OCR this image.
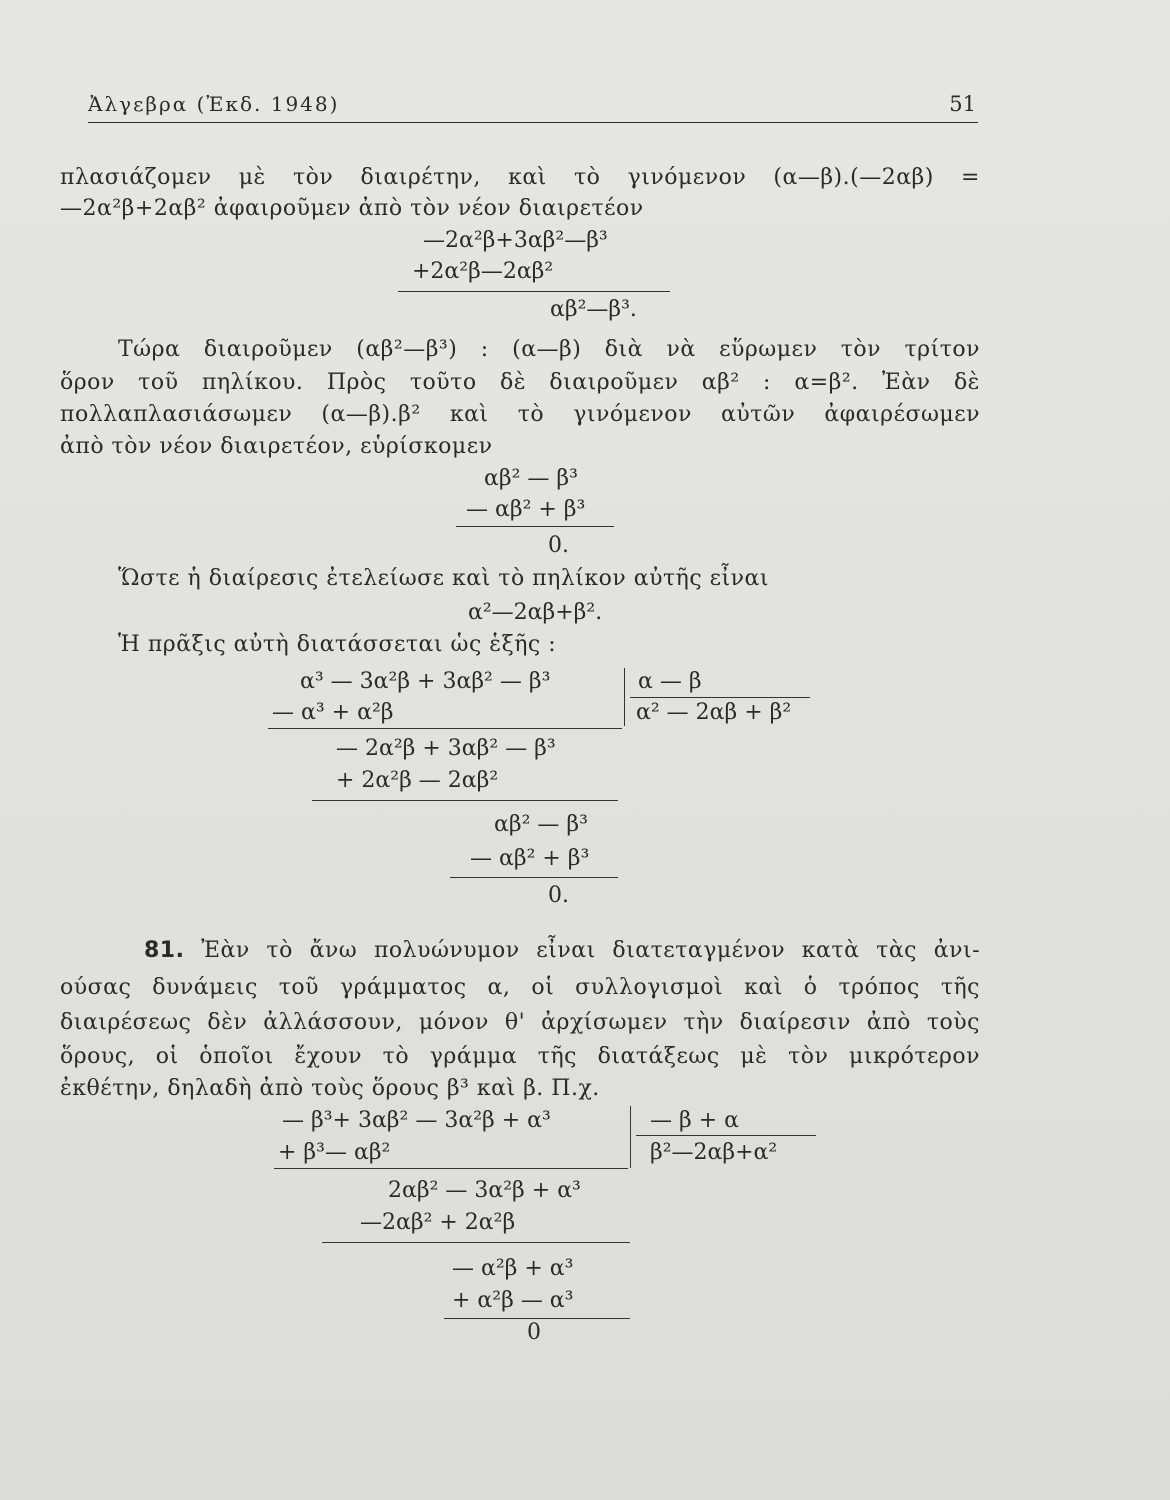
Ἀλγεβρα (Ἐκδ. 1948)	51
πλασιάζομεν μὲ τὸν διαιρέτην, καὶ τὸ γινόμενον (α—β).(—2αβ) =
—2α²β+2αβ² ἀφαιροῦμεν ἀπὸ τὸν νέον διαιρετέον
—2α²β+3αβ²—β³
+2α²β—2αβ²
αβ²—β³.
Τώρα διαιροῦμεν (αβ²—β³) : (α—β) διὰ νὰ εὕρωμεν τὸν τρίτον
ὅρον τοῦ πηλίκου. Πρὸς τοῦτο δὲ διαιροῦμεν αβ² : α=β². Ἐὰν δὲ
πολλαπλασιάσωμεν (α—β).β² καὶ τὸ γινόμενον αὐτῶν ἀφαιρέσωμεν
ἀπὸ τὸν νέον διαιρετέον, εὑρίσκομεν
αβ² — β³
— αβ² + β³
0.
Ὥστε ἡ διαίρεσις ἐτελείωσε καὶ τὸ πηλίκον αὐτῆς εἶναι
α²—2αβ+β².
Ἡ πρᾶξις αὐτὴ διατάσσεται ὡς ἑξῆς :
α³ — 3α²β + 3αβ² — β³
— α³ + α²β
— 2α²β + 3αβ² — β³
+ 2α²β — 2αβ²
αβ² — β³
— αβ² + β³
0.
α — β
α² — 2αβ + β²
81. Ἐὰν τὸ ἄνω πολυώνυμον εἶναι διατεταγμένον κατὰ τὰς ἀνι-
ούσας δυνάμεις τοῦ γράμματος α, οἱ συλλογισμοὶ καὶ ὁ τρόπος τῆς
διαιρέσεως δὲν ἀλλάσσουν, μόνον θ' ἀρχίσωμεν τὴν διαίρεσιν ἀπὸ τοὺς
ὅρους, οἱ ὁποῖοι ἔχουν τὸ γράμμα τῆς διατάξεως μὲ τὸν μικρότερον
ἐκθέτην, δηλαδὴ ἀπὸ τοὺς ὅρους β³ καὶ β. Π.χ.
— β³+ 3αβ² — 3α²β + α³
+ β³— αβ²
2αβ² — 3α²β + α³
—2αβ² + 2α²β
— α²β + α³
+ α²β — α³
0
— β + α
β²—2αβ+α²
